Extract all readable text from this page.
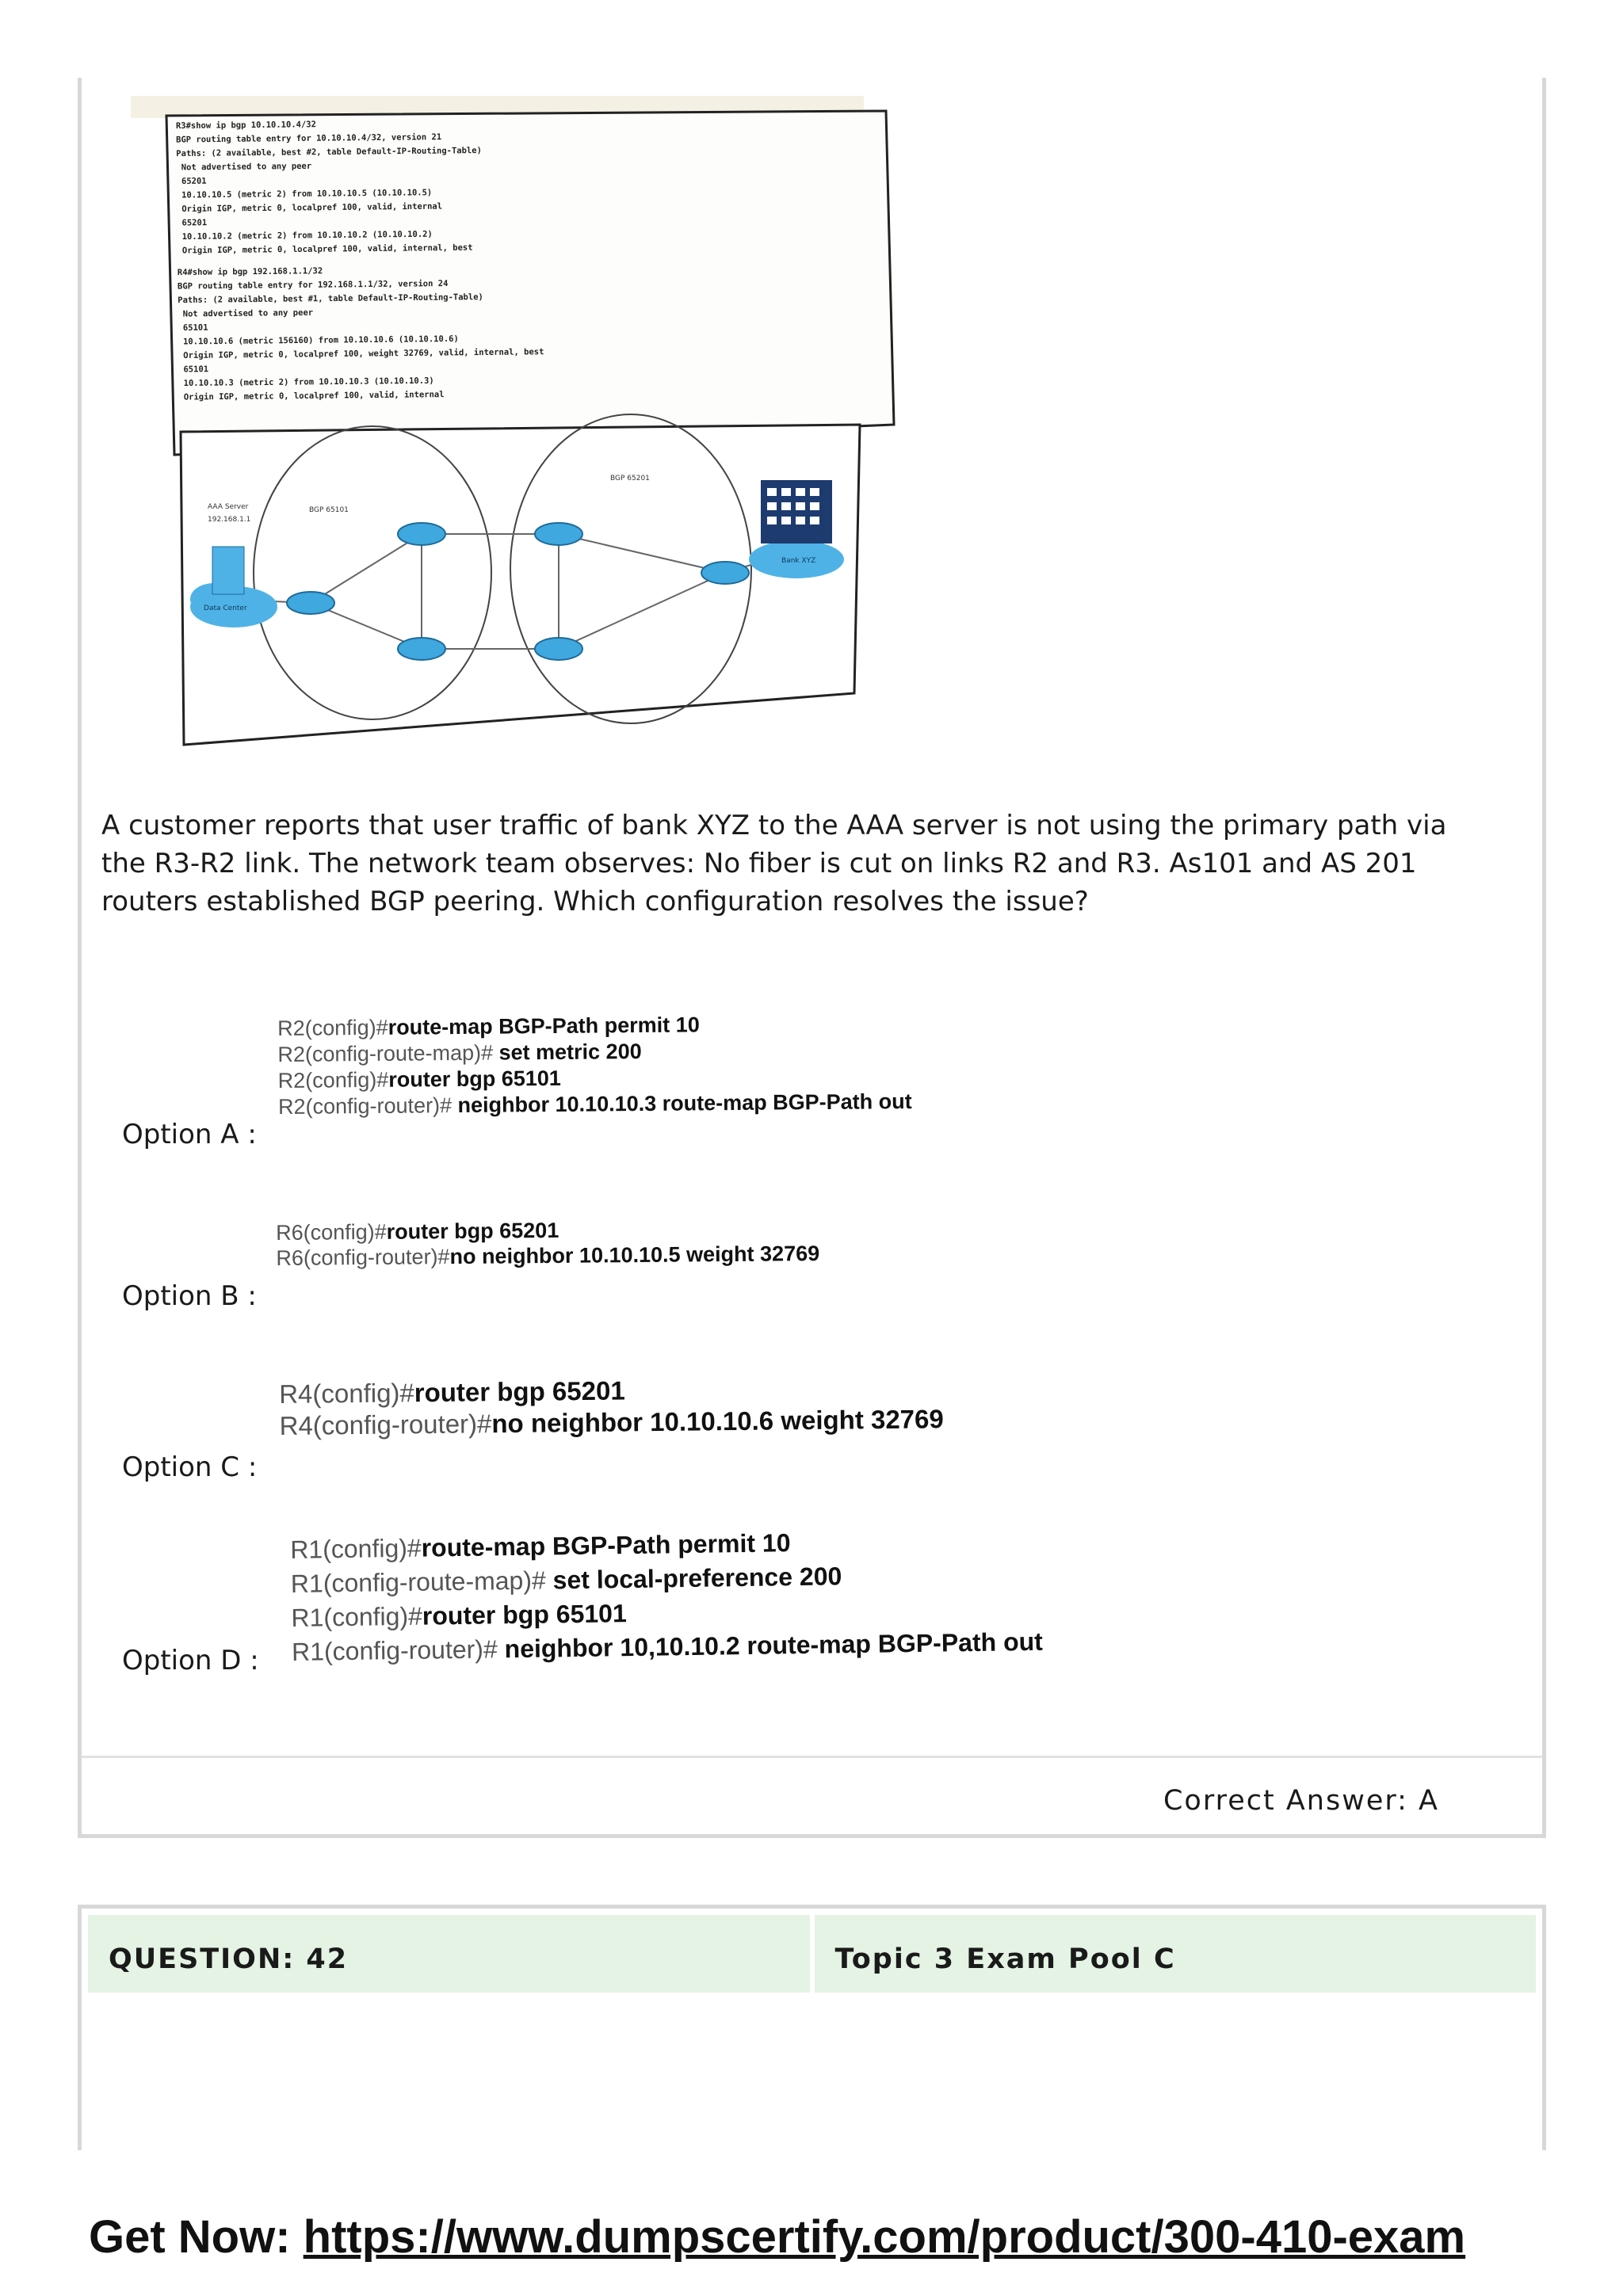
Correct Answer: A
R3#show ip bgp 10.10.10.4/32BGP routing table entry for 10.10.10.4/32, version 21Paths: (2 available, best #2, table Default-IP-Routing-Table) Not advertised to any peer 65201 10.10.10.5 (metric 2) from 10.10.10.5 (10.10.10.5) Origin IGP, metric 0, localpref 100, valid, internal 65201 10.10.10.2 (metric 2) from 10.10.10.2 (10.10.10.2) Origin IGP, metric 0, localpref 100, valid, internal, bestR4#show ip bgp 192.168.1.1/32BGP routing table entry for 192.168.1.1/32, version 24Paths: (2 available, best #1, table Default-IP-Routing-Table) Not advertised to any peer 65101 10.10.10.6 (metric 156160) from 10.10.10.6 (10.10.10.6) Origin IGP, metric 0, localpref 100, weight 32769, valid, internal, best 65101 10.10.10.3 (metric 2) from 10.10.10.3 (10.10.10.3) Origin IGP, metric 0, localpref 100, valid, internal
AAA Server
192.168.1.1
Data Center
Bank XYZ
BGP 65101
BGP 65201
A customer reports that user traffic of bank XYZ to the AAA server is not using the primary path via the R3-R2 link. The network team observes: No fiber is cut on links R2 and R3. As101 and AS 201 routers established BGP peering. Which configuration resolves the issue?
Option A :
R2(config)#route-map BGP-Path permit 10
R2(config-route-map)# set metric 200
R2(config)#router bgp 65101
R2(config-router)# neighbor 10.10.10.3 route-map BGP-Path out
Option B :
R6(config)#router bgp 65201
R6(config-router)#no neighbor 10.10.10.5 weight 32769
Option C :
R4(config)#router bgp 65201
R4(config-router)#no neighbor 10.10.10.6 weight 32769
Option D :
R1(config)#route-map BGP-Path permit 10
R1(config-route-map)# set local-preference 200
R1(config)#router bgp 65101
R1(config-router)# neighbor 10,10.10.2 route-map BGP-Path out
QUESTION: 42	Topic 3 Exam Pool C
Get Now: https://www.dumpscertify.com/product/300-410-exam
